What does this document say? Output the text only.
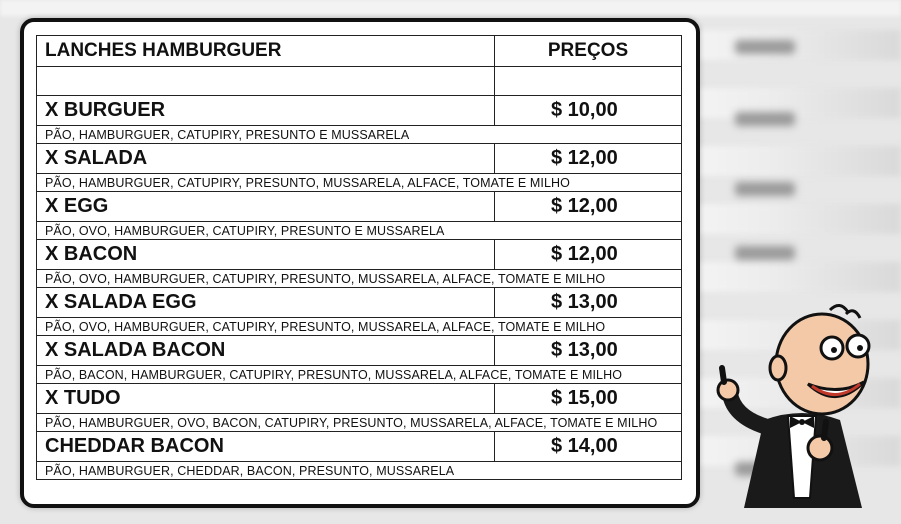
LANCHES HAMBURGUER	PREÇOS

X BURGUER	$ 10,00
PÃO, HAMBURGUER, CATUPIRY, PRESUNTO E MUSSARELA	
X SALADA	$ 12,00
PÃO, HAMBURGUER, CATUPIRY, PRESUNTO, MUSSARELA, ALFACE, TOMATE E MILHO	
X EGG	$ 12,00
PÃO, OVO, HAMBURGUER, CATUPIRY, PRESUNTO E MUSSARELA	
X BACON	$ 12,00
PÃO, OVO, HAMBURGUER, CATUPIRY, PRESUNTO, MUSSARELA, ALFACE, TOMATE E MILHO	
X SALADA EGG	$ 13,00
PÃO, OVO, HAMBURGUER, CATUPIRY, PRESUNTO, MUSSARELA, ALFACE, TOMATE E MILHO	
X SALADA BACON	$ 13,00
PÃO, BACON, HAMBURGUER, CATUPIRY, PRESUNTO, MUSSARELA, ALFACE, TOMATE E MILHO	
X TUDO	$ 15,00
PÃO, HAMBURGUER, OVO, BACON, CATUPIRY, PRESUNTO, MUSSARELA, ALFACE, TOMATE E MILHO	
CHEDDAR BACON	$ 14,00
PÃO, HAMBURGUER, CHEDDAR, BACON, PRESUNTO, MUSSARELA	
